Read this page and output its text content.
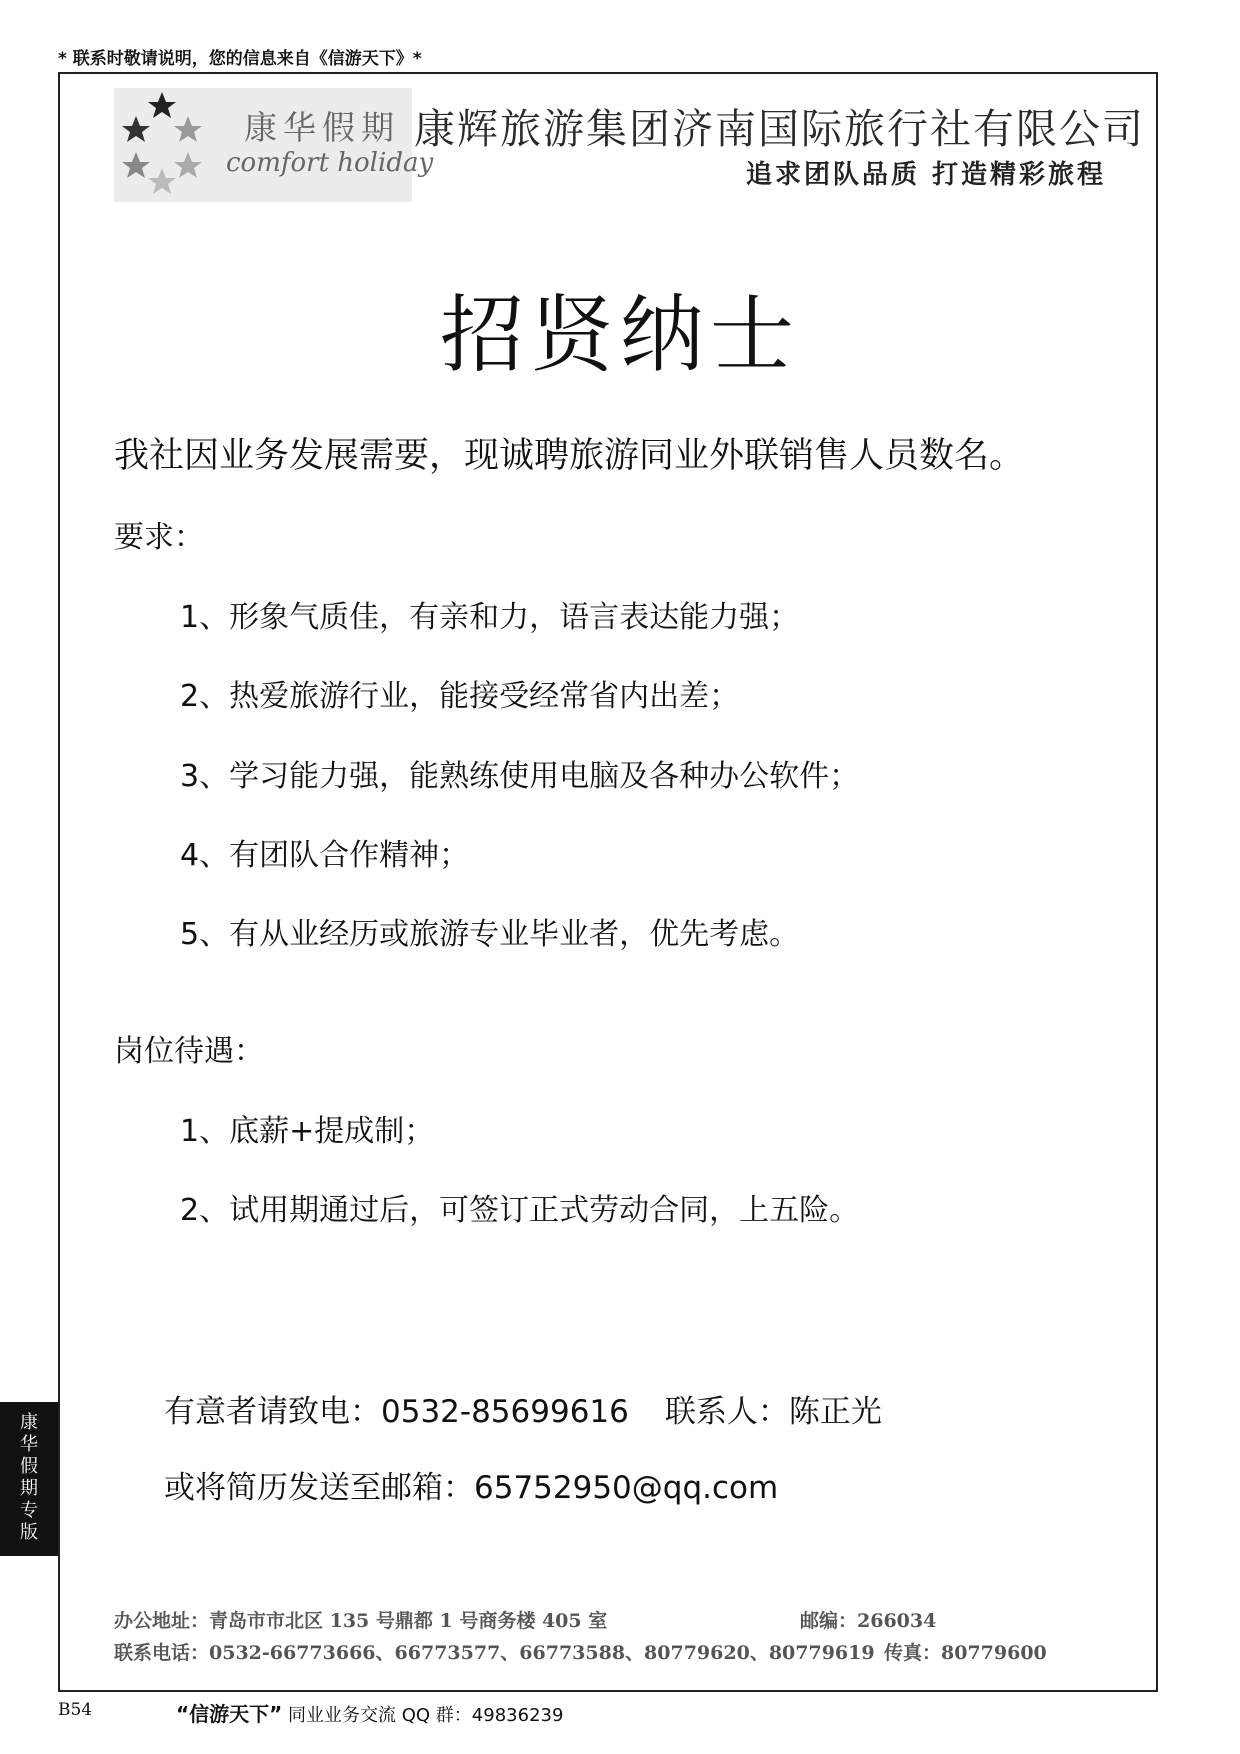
* 联系时敬请说明，您的信息来自《信游天下》*
康华假期
comfort holiday
康辉旅游集团济南国际旅行社有限公司
追求团队品质 打造精彩旅程
招贤纳士
我社因业务发展需要，现诚聘旅游同业外联销售人员数名。
要求：
1、形象气质佳，有亲和力，语言表达能力强；
2、热爱旅游行业，能接受经常省内出差；
3、学习能力强，能熟练使用电脑及各种办公软件；
4、有团队合作精神；
5、有从业经历或旅游专业毕业者，优先考虑。
岗位待遇：
1、底薪+提成制；
2、试用期通过后，可签订正式劳动合同，上五险。
有意者请致电：0532-85699616 联系人：陈正光
或将简历发送至邮箱：65752950@qq.com
办公地址：青岛市市北区 135 号鼎都 1 号商务楼 405 室	邮编：266034
联系电话：0532-66773666、66773577、66773588、80779620、80779619 传真：80779600
康
华
假
期
专
版
B54	“信游天下” 同业业务交流 QQ 群：49836239
